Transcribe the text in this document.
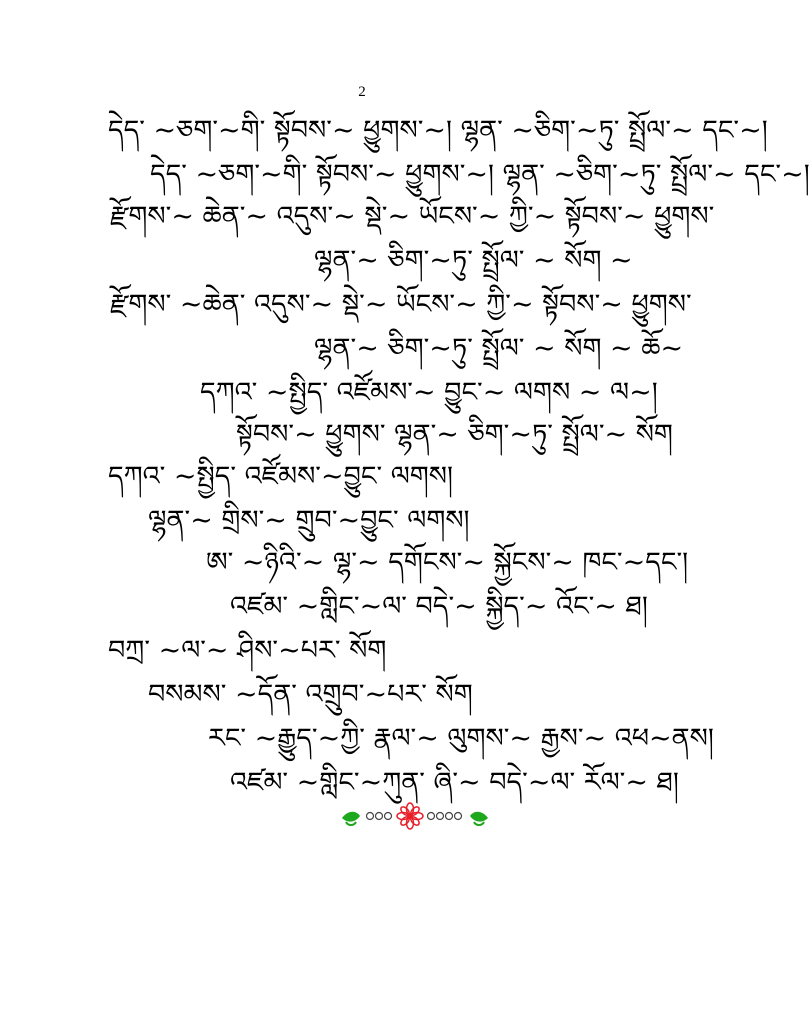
2
དེད་ ~ཅག་~གི་ སྟོབས་~ ཕྱུགས་~། ལྷན་ ~ཅིག་~ཏུ་ སྤྲོལ་~ དང་~།
དེད་ ~ཅག་~གི་ སྟོབས་~ ཕྱུགས་~། ལྷན་ ~ཅིག་~ཏུ་ སྤྲོལ་~ དང་~།
རྫོགས་~ ཆེན་~ འདུས་~ སྡེ་~ ཡོངས་~ ཀྱི་~ སྟོབས་~ ཕྱུགས་
ལྷན་~ ཅིག་~ཏུ་ སྤྲོལ་ ~ སོག ~
རྫོགས་ ~ཆེན་ འདུས་~ སྡེ་~ ཡོངས་~ ཀྱི་~ སྟོབས་~ ཕྱུགས་
ལྷན་~ ཅིག་~ཏུ་ སྤྲོལ་ ~ སོག ~ ཆོ~
དཀའ་ ~སྤྱིད་ འཛོམས་~ བྱུང་~ ལགས ~ ལ~།
སྟོབས་~ ཕྱུགས་ ལྷན་~ ཅིག་~ཏུ་ སྤྲོལ་~ སོག
དཀའ་ ~སྤྱིད་ འཛོམས་~བྱུང་ ལགས།
ལྷན་~ གྲིས་~ གྲུབ་~བྱུང་ ལགས།
ཨ་ ~ཉིའི་~ ལྷ་~ དགོངས་~ སྐྱོངས་~ ཁང་~དང་།
འཛམ་ ~གླིང་~ལ་ བདེ་~ སྐྱིད་~ འོང་~ ཐ།
བཀྲ་ ~ལ་~ ཤིས་~པར་ སོག
བསམས་ ~དོན་ འགྲུབ་~པར་ སོག
རང་ ~རྒྱུད་~ཀྱི་ རྣལ་~ ལུགས་~ རྒྱས་~ འཕ~ནས།
འཛམ་ ~གླིང་~ཀུན་ ཞི་~ བདེ་~ལ་ རོལ་~ ཐ།
